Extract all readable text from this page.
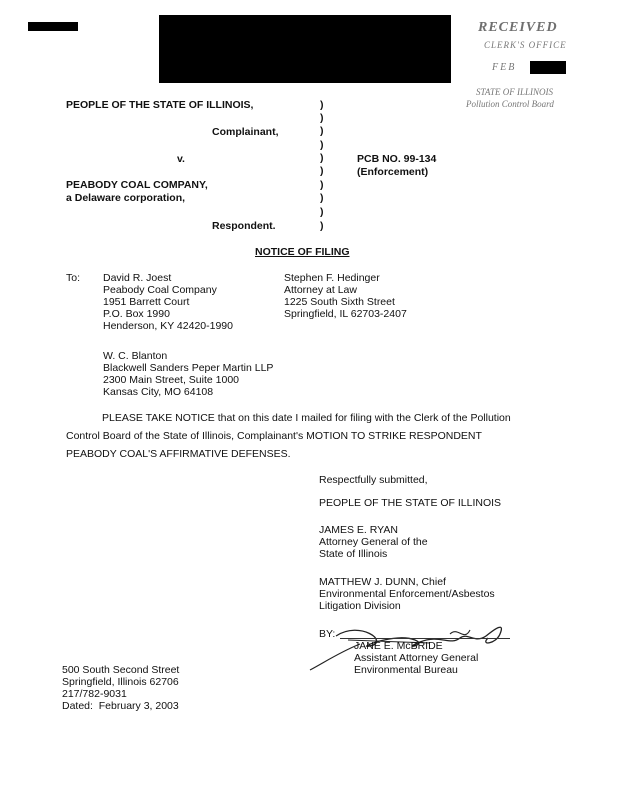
RECEIVED
CLERK'S OFFICE
FEB
STATE OF ILLINOIS
Pollution Control Board
PEOPLE OF THE STATE OF ILLINOIS,
Complainant,
v.
PEABODY COAL COMPANY,
a Delaware corporation,
Respondent.
)
)
)
)
)
)
)
)
)
)
PCB NO. 99-134
(Enforcement)
NOTICE OF FILING
To: David R. Joest
Peabody Coal Company
1951 Barrett Court
P.O. Box 1990
Henderson, KY 42420-1990
Stephen F. Hedinger
Attorney at Law
1225 South Sixth Street
Springfield, IL 62703-2407
W. C. Blanton
Blackwell Sanders Peper Martin LLP
2300 Main Street, Suite 1000
Kansas City, MO 64108
PLEASE TAKE NOTICE that on this date I mailed for filing with the Clerk of the Pollution
Control Board of the State of Illinois, Complainant's MOTION TO STRIKE RESPONDENT
PEABODY COAL'S AFFIRMATIVE DEFENSES.
Respectfully submitted,
PEOPLE OF THE STATE OF ILLINOIS
JAMES E. RYAN
Attorney General of the
State of Illinois
MATTHEW J. DUNN, Chief
Environmental Enforcement/Asbestos
Litigation Division
BY:
JANE E. McBRIDE
Assistant Attorney General
Environmental Bureau
500 South Second Street
Springfield, Illinois 62706
217/782-9031
Dated:  February 3, 2003
